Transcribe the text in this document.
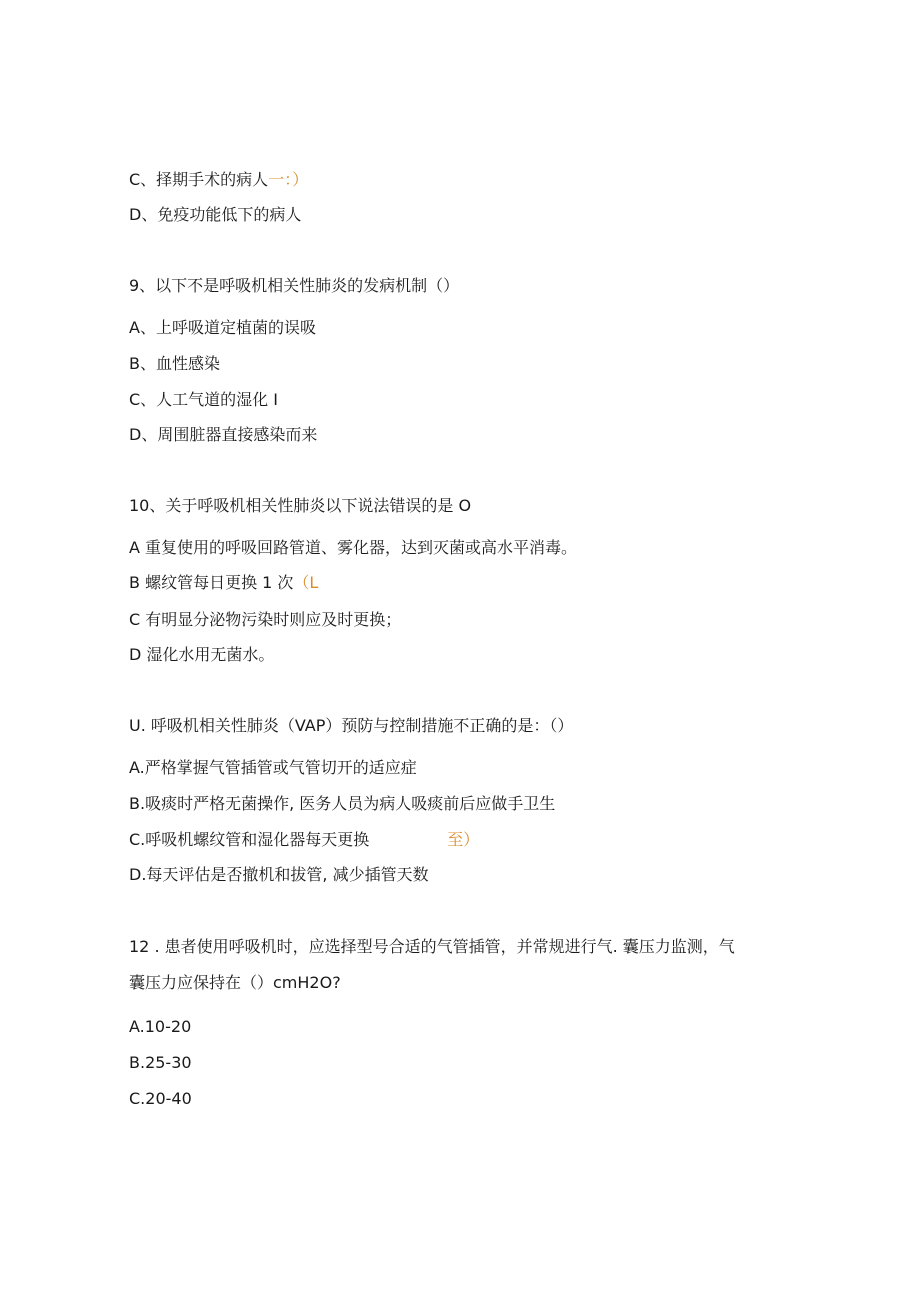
C、择期手术的病人一：）
D、免疫功能低下的病人
9、以下不是呼吸机相关性肺炎的发病机制（）
A、上呼吸道定植菌的误吸
B、血性感染
C、人工气道的湿化 I
D、周围脏器直接感染而来
10、关于呼吸机相关性肺炎以下说法错误的是 O
A 重复使用的呼吸回路管道、雾化器，达到灭菌或高水平消毒。
B 螺纹管每日更换 1 次（L
C 有明显分泌物污染时则应及时更换；
D 湿化水用无菌水。
U. 呼吸机相关性肺炎（VAP）预防与控制措施不正确的是：（）
A.严格掌握气管插管或气管切开的适应症
B.吸痰时严格无菌操作, 医务人员为病人吸痰前后应做手卫生
C.呼吸机螺纹管和湿化器每天更换	至）
D.每天评估是否撤机和拔管, 减少插管天数
12 . 患者使用呼吸机时，应选择型号合适的气管插管，并常规进行气. 囊压力监测，气
囊压力应保持在（）cmH2O?
A.10-20
B.25-30
C.20-40
